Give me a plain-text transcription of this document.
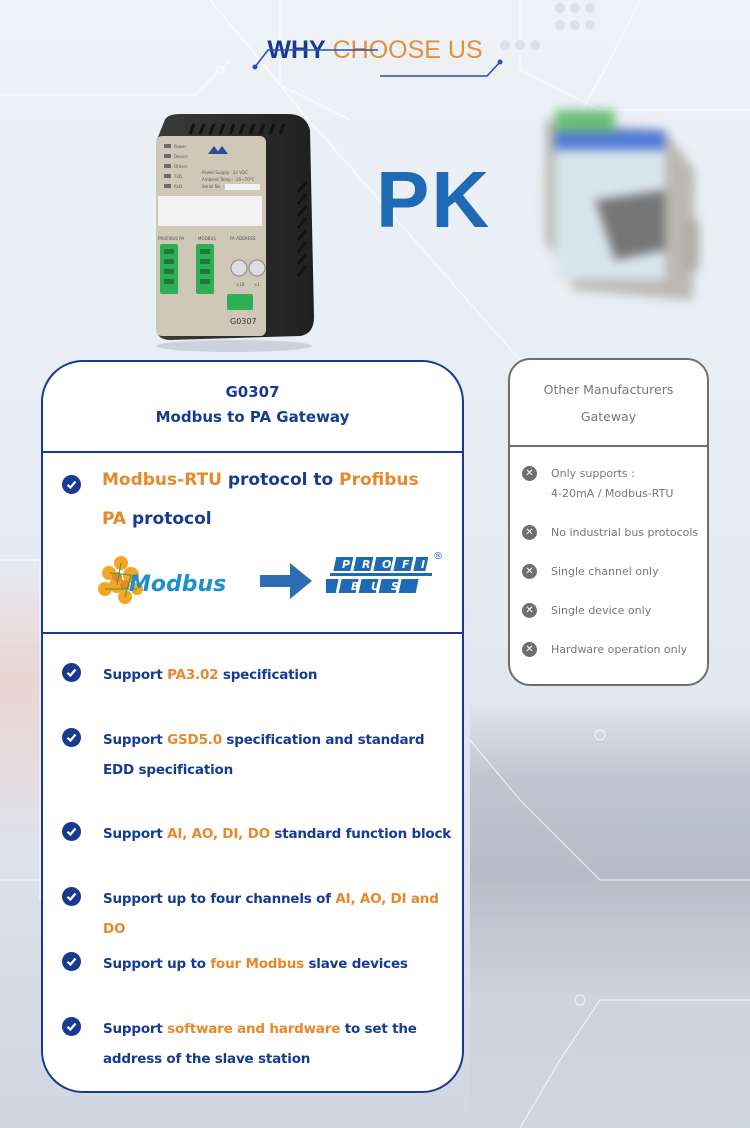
WHY CHOOSE US
Power
Device
Others
TxD
RxD
Power Supply : 24 VDC
Ambient Temp : -20~70°C
Serial No. :
PROFIBUS PA	MODBUS	PA ADDRESS
×10 ×1
G0307
PK
G0307
Modbus to PA Gateway
Modbus-RTU protocol to Profibus PA protocol
Modbus
P R O F I
B U S
®
Support PA3.02 specification
Support GSD5.0 specification and standard EDD specification
Support AI, AO, DI, DO standard function block
Support up to four channels of AI, AO, DI and DO
Support up to four Modbus slave devices
Support software and hardware to set the address of the slave station
Other Manufacturers
Gateway
✕	Only supports :
4-20mA / Modbus-RTU
✕	No industrial bus protocols
✕	Single channel only
✕	Single device only
✕	Hardware operation only
